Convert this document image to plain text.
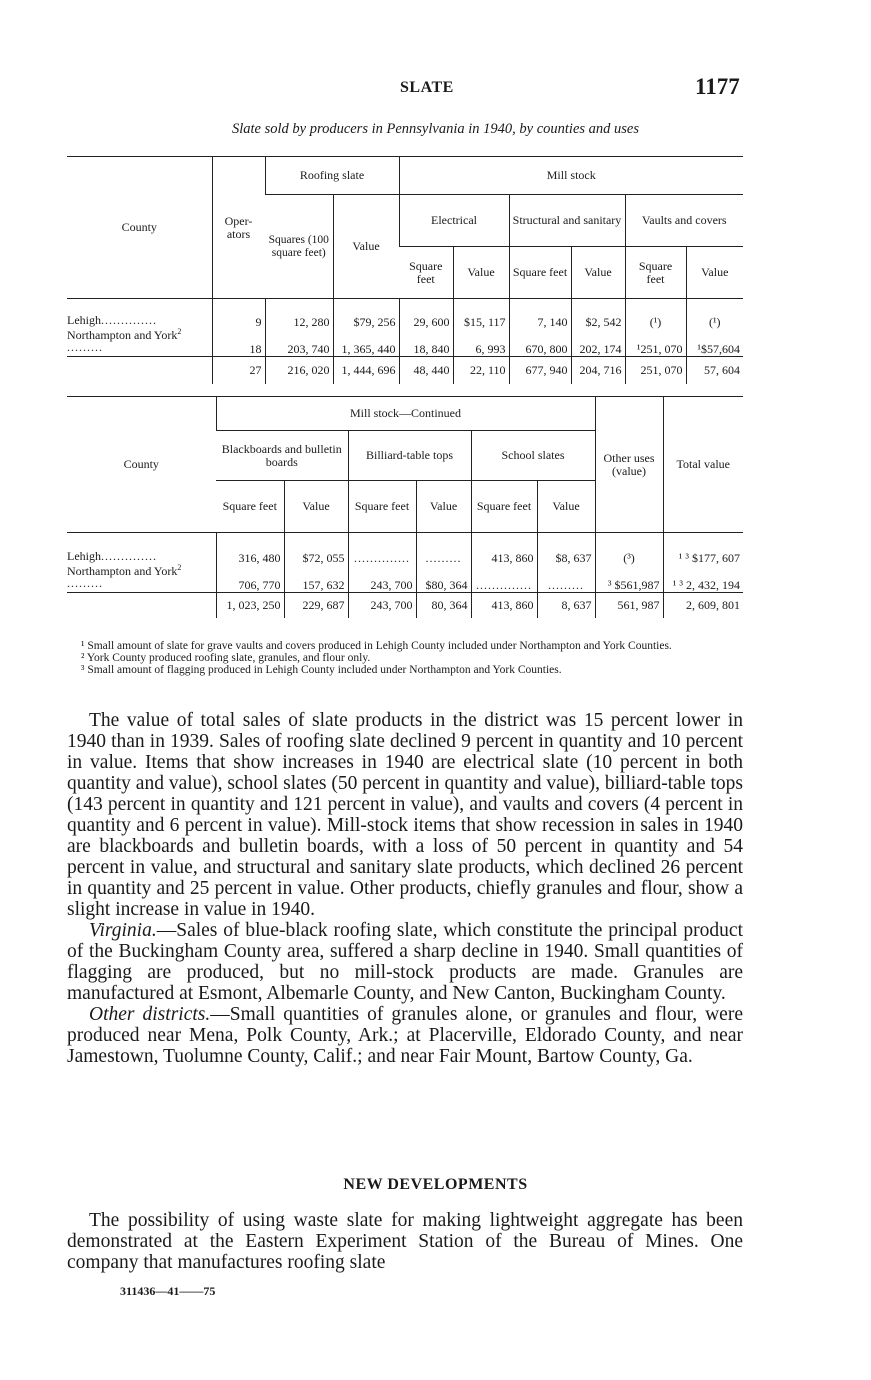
SLATE	1177
Slate sold by producers in Pennsylvania in 1940, by counties and uses
County	Oper-ators	Roofing slate		Mill stock					
		Squares (100 square feet)	Value	Electrical		Structural and sanitary		Vaults and covers	
				Square feet	Value	Square feet	Value	Square feet	Value
Lehigh..............	9	12, 280	$79, 256	29, 600	$15, 117	7, 140	$2, 542	(¹)	(¹)
Northampton and York$^2$.........	18	203, 740	1, 365, 440	18, 840	6, 993	670, 800	202, 174	¹251, 070	¹$57,604
	27	216, 020	1, 444, 696	48, 440	22, 110	677, 940	204, 716	251, 070	57, 604
County	Mill stock—Continued						Other uses (value)	Total value
	Blackboards and bulletin boards		Billiard-table tops		School slates			
	Square feet	Value	Square feet	Value	Square feet	Value		
Lehigh..............	316, 480	$72, 055	..............	.........	413, 860	$8, 637	(³)	¹ ³ $177, 607
Northampton and York$^2$.........	706, 770	157, 632	243, 700	$80, 364	..............	.........	³ $561,987	¹ ³ 2, 432, 194
	1, 023, 250	229, 687	243, 700	80, 364	413, 860	8, 637	561, 987	2, 609, 801

¹ Small amount of slate for grave vaults and covers produced in Lehigh County included under Northampton and York Counties.

² York County produced roofing slate, granules, and flour only.

³ Small amount of flagging produced in Lehigh County included under Northampton and York Counties.

The value of total sales of slate products in the district was 15 percent lower in 1940 than in 1939. Sales of roofing slate declined 9 percent in quantity and 10 percent in value. Items that show increases in 1940 are electrical slate (10 percent in both quantity and value), school slates (50 percent in quantity and value), billiard-table tops (143 percent in quantity and 121 percent in value), and vaults and covers (4 percent in quantity and 6 percent in value). Mill-stock items that show recession in sales in 1940 are blackboards and bulletin boards, with a loss of 50 percent in quantity and 54 percent in value, and structural and sanitary slate products, which declined 26 percent in quantity and 25 percent in value. Other products, chiefly granules and flour, show a slight increase in value in 1940.

Virginia.—Sales of blue-black roofing slate, which constitute the principal product of the Buckingham County area, suffered a sharp decline in 1940. Small quantities of flagging are produced, but no mill-stock products are made. Granules are manufactured at Esmont, Albemarle County, and New Canton, Buckingham County.

Other districts.—Small quantities of granules alone, or granules and flour, were produced near Mena, Polk County, Ark.; at Placerville, Eldorado County, and near Jamestown, Tuolumne County, Calif.; and near Fair Mount, Bartow County, Ga.

NEW DEVELOPMENTS

The possibility of using waste slate for making lightweight aggregate has been demonstrated at the Eastern Experiment Station of the Bureau of Mines. One company that manufactures roofing slate

311436—41——75
